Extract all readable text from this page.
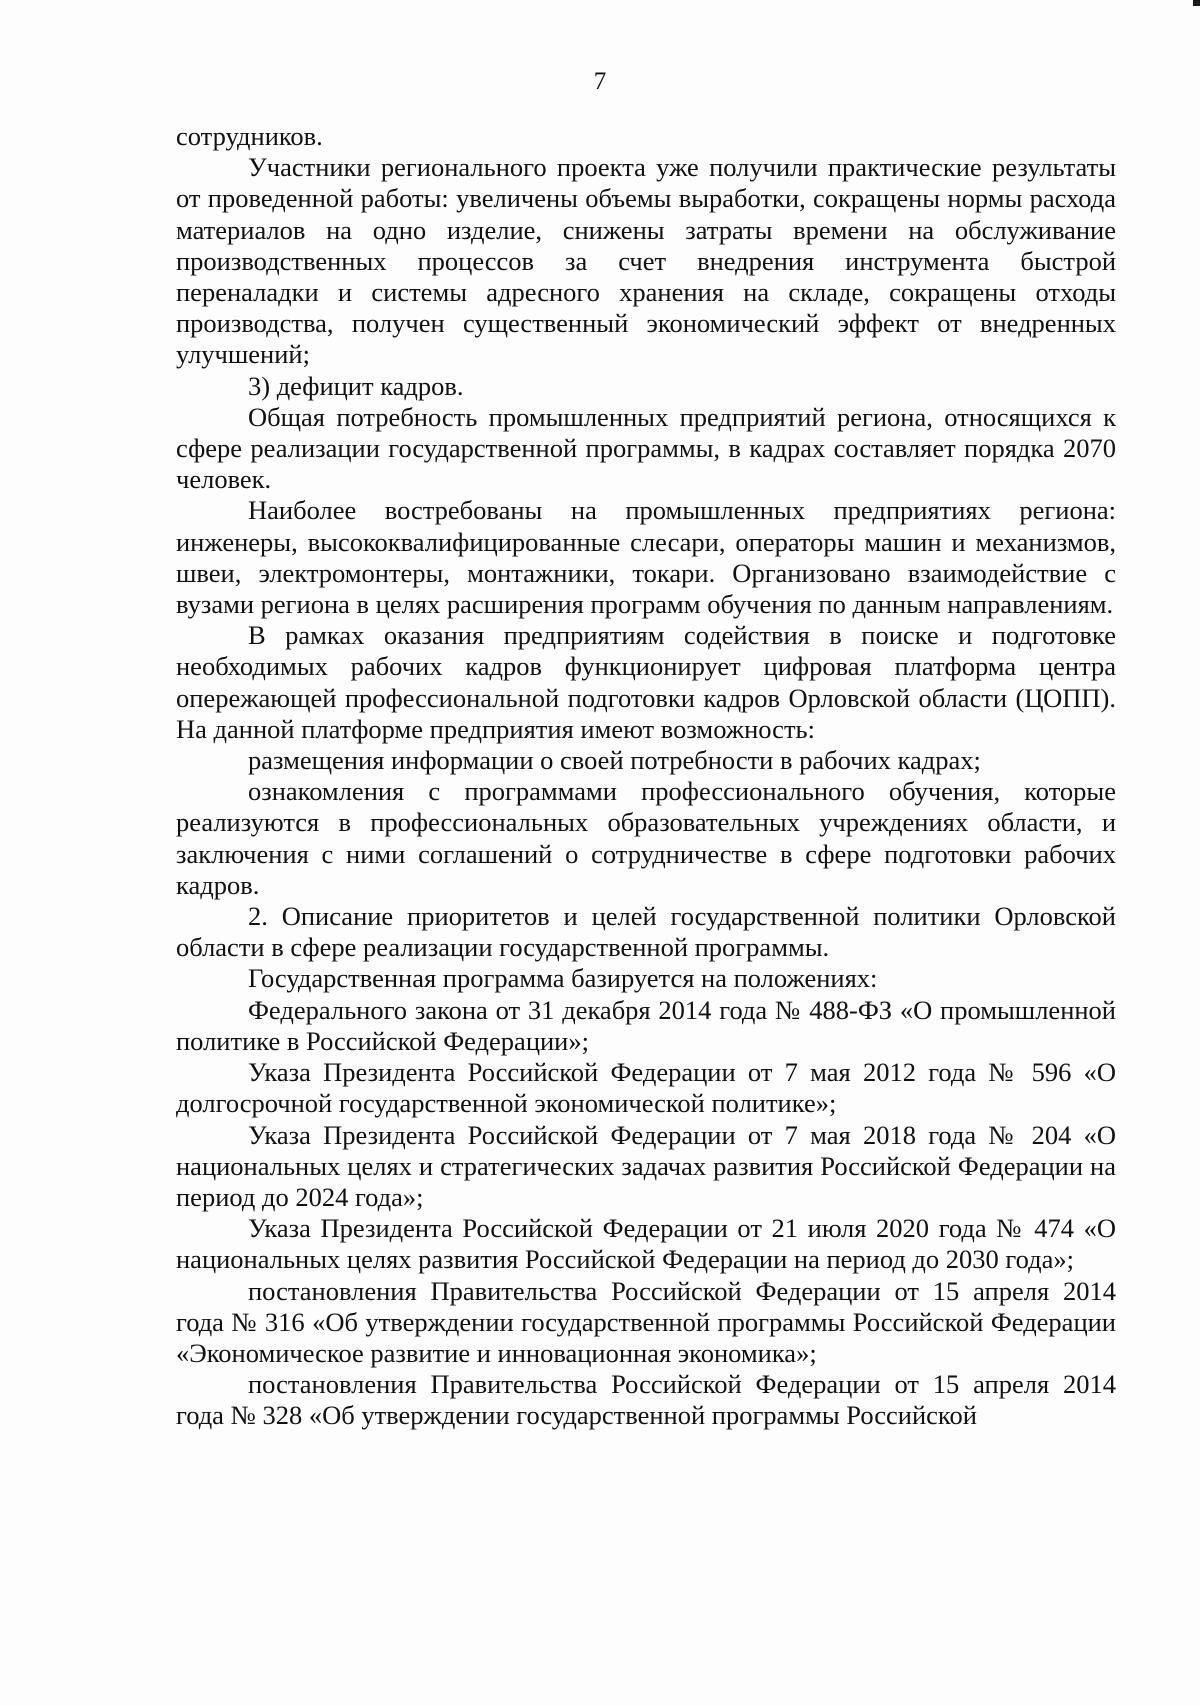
7

сотрудников.

Участники регионального проекта уже получили практические результаты от проведенной работы: увеличены объемы выработки, сокращены нормы расхода материалов на одно изделие, снижены затраты времени на обслуживание производственных процессов за счет внедрения инструмента быстрой переналадки и системы адресного хранения на складе, сокращены отходы производства, получен существенный экономический эффект от внедренных улучшений;

3) дефицит кадров.

Общая потребность промышленных предприятий региона, относящихся к сфере реализации государственной программы, в кадрах составляет порядка 2070 человек.

Наиболее востребованы на промышленных предприятиях региона: инженеры, высококвалифицированные слесари, операторы машин и механизмов, швеи, электромонтеры, монтажники, токари. Организовано взаимодействие с вузами региона в целях расширения программ обучения по данным направлениям.

В рамках оказания предприятиям содействия в поиске и подготовке необходимых рабочих кадров функционирует цифровая платформа центра опережающей профессиональной подготовки кадров Орловской области (ЦОПП). На данной платформе предприятия имеют возможность:

размещения информации о своей потребности в рабочих кадрах;

ознакомления с программами профессионального обучения, которые реализуются в профессиональных образовательных учреждениях области, и заключения с ними соглашений о сотрудничестве в сфере подготовки рабочих кадров.

2. Описание приоритетов и целей государственной политики Орловской области в сфере реализации государственной программы.

Государственная программа базируется на положениях:

Федерального закона от 31 декабря 2014 года № 488-ФЗ «О промышленной политике в Российской Федерации»;

Указа Президента Российской Федерации от 7 мая 2012 года № 596 «О долгосрочной государственной экономической политике»;

Указа Президента Российской Федерации от 7 мая 2018 года № 204 «О национальных целях и стратегических задачах развития Российской Федерации на период до 2024 года»;

Указа Президента Российской Федерации от 21 июля 2020 года № 474 «О национальных целях развития Российской Федерации на период до 2030 года»;

постановления Правительства Российской Федерации от 15 апреля 2014 года № 316 «Об утверждении государственной программы Российской Федерации «Экономическое развитие и инновационная экономика»;

постановления Правительства Российской Федерации от 15 апреля 2014 года № 328 «Об утверждении государственной программы Российской
